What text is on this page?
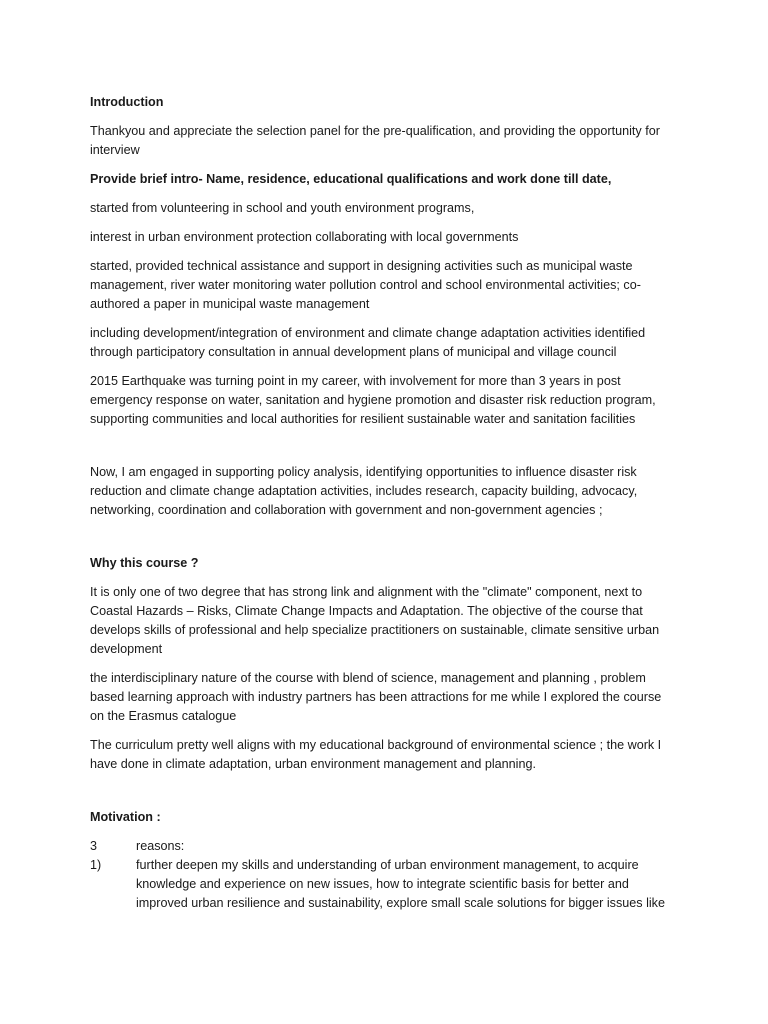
Introduction

Thankyou and appreciate the selection panel for the pre-qualification, and providing the opportunity for interview

Provide brief intro- Name, residence, educational qualifications and work done till date,

started from volunteering in school and youth environment programs,

interest in urban environment protection collaborating with local governments

started, provided technical assistance and support in designing activities such as municipal waste management, river water monitoring water pollution control and school environmental activities; co-authored a paper in municipal waste management

including development/integration of environment and climate change adaptation activities identified through participatory consultation in annual development plans of municipal and village council

2015 Earthquake was turning point in my career, with involvement for more than 3 years in post emergency response on water, sanitation and hygiene promotion and disaster risk reduction program, supporting communities and local authorities for resilient sustainable water and sanitation facilities

Now, I am engaged in supporting policy analysis, identifying opportunities to influence disaster risk reduction and climate change adaptation activities, includes research, capacity building, advocacy, networking, coordination and collaboration with government and non-government agencies ;

Why this course ?

It is only one of two degree that has strong link and alignment with the "climate" component, next to Coastal Hazards – Risks, Climate Change Impacts and Adaptation. The objective of the course that develops skills of professional and help specialize practitioners on sustainable, climate sensitive urban development

the interdisciplinary nature of the course with blend of science, management and planning , problem based learning approach with industry partners has been attractions for me while I explored the course on the Erasmus catalogue

The curriculum pretty well aligns with my educational background of environmental science ; the work I have done in climate adaptation, urban environment management and planning.

Motivation :

3	reasons:
1)	further deepen my skills and understanding of urban environment management, to acquire knowledge and experience on new issues, how to integrate scientific basis for better and improved urban resilience and sustainability, explore small scale solutions for bigger issues like
